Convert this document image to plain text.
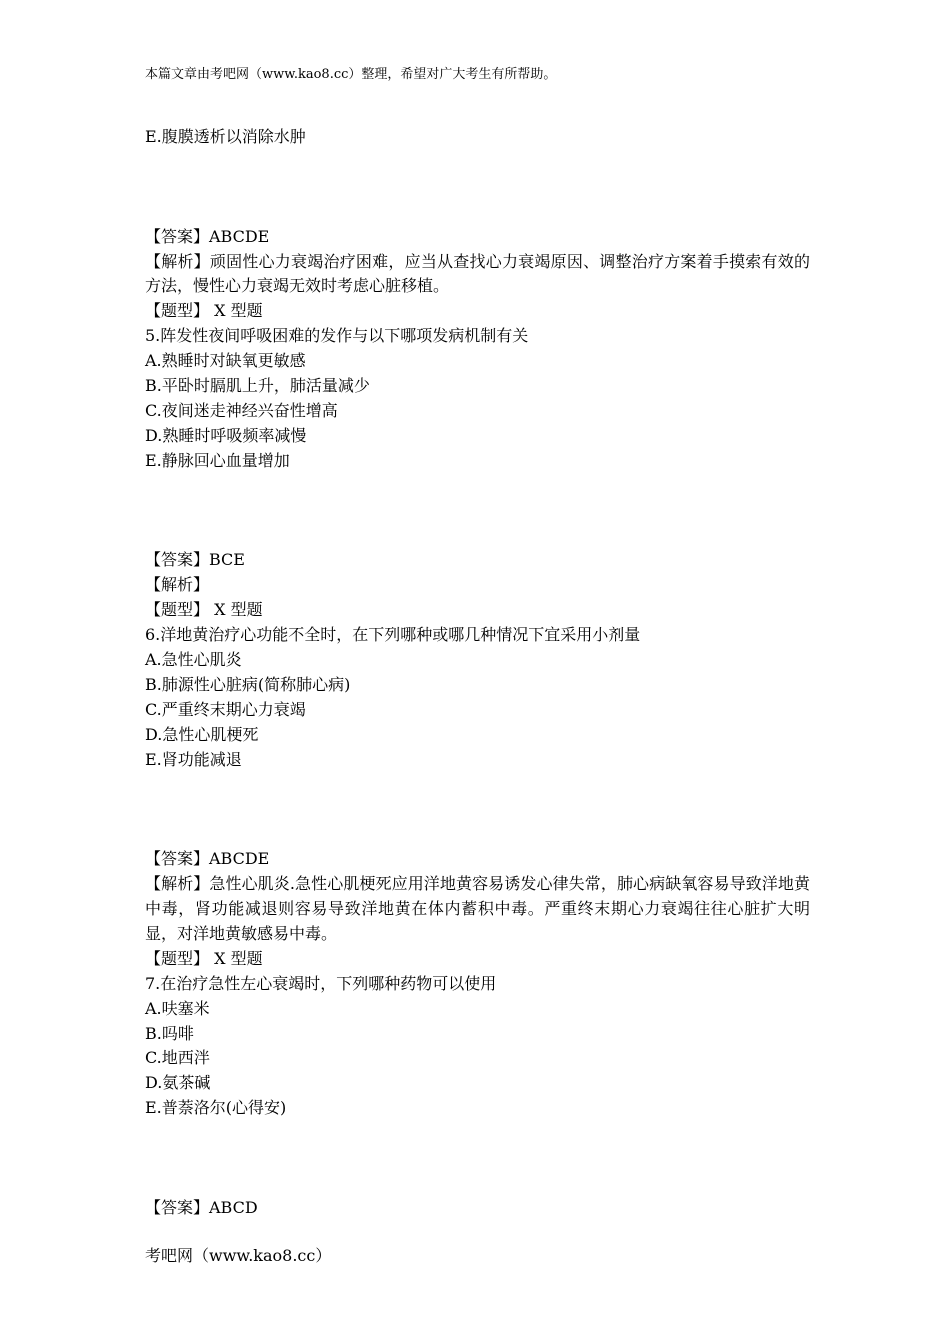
本篇文章由考吧网（www.kao8.cc）整理，希望对广大考生有所帮助。
E.腹膜透析以消除水肿
【答案】ABCDE
【解析】顽固性心力衰竭治疗困难，应当从查找心力衰竭原因、调整治疗方案着手摸索有效的方法，慢性心力衰竭无效时考虑心脏移植。
【题型】 X 型题
5.阵发性夜间呼吸困难的发作与以下哪项发病机制有关
A.熟睡时对缺氧更敏感
B.平卧时膈肌上升，肺活量减少
C.夜间迷走神经兴奋性增高
D.熟睡时呼吸频率减慢
E.静脉回心血量增加
【答案】BCE
【解析】
【题型】 X 型题
6.洋地黄治疗心功能不全时，在下列哪种或哪几种情况下宜采用小剂量
A.急性心肌炎
B.肺源性心脏病(简称肺心病)
C.严重终末期心力衰竭
D.急性心肌梗死
E.肾功能减退
【答案】ABCDE
【解析】急性心肌炎.急性心肌梗死应用洋地黄容易诱发心律失常，肺心病缺氧容易导致洋地黄中毒，肾功能减退则容易导致洋地黄在体内蓄积中毒。严重终末期心力衰竭往往心脏扩大明显，对洋地黄敏感易中毒。
【题型】 X 型题
7.在治疗急性左心衰竭时，下列哪种药物可以使用
A.呋塞米
B.吗啡
C.地西泮
D.氨茶碱
E.普萘洛尔(心得安)
【答案】ABCD
考吧网（www.kao8.cc）
